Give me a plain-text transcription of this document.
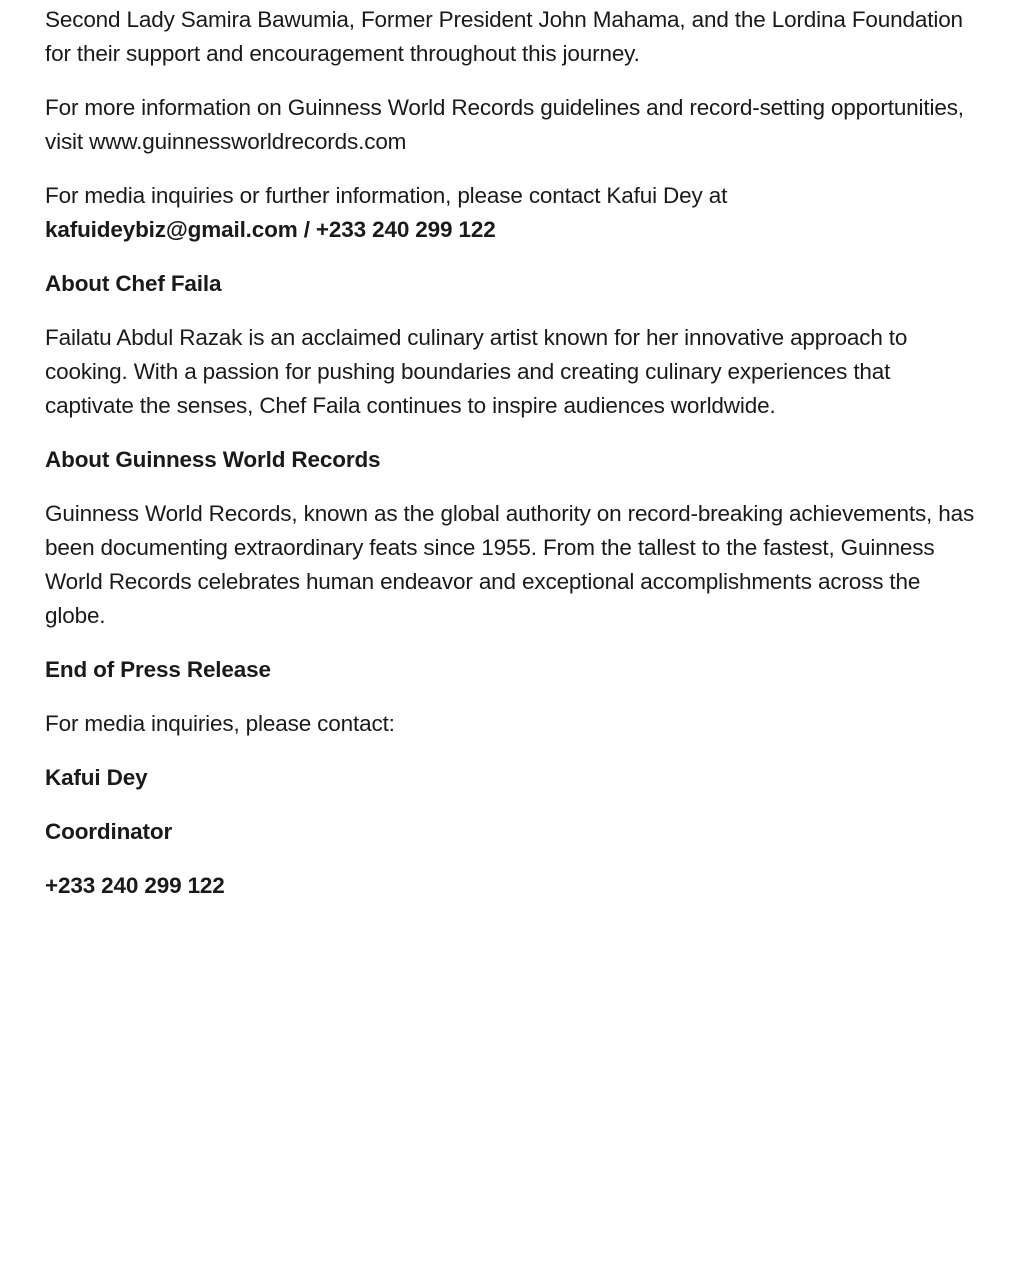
Second Lady Samira Bawumia, Former President John Mahama, and the Lordina Foundation for their support and encouragement throughout this journey.

For more information on Guinness World Records guidelines and record-setting opportunities, visit www.guinnessworldrecords.com

For media inquiries or further information, please contact Kafui Dey at

kafuideybiz@gmail.com / +233 240 299 122

About Chef Faila

Failatu Abdul Razak is an acclaimed culinary artist known for her innovative approach to cooking. With a passion for pushing boundaries and creating culinary experiences that captivate the senses, Chef Faila continues to inspire audiences worldwide.

About Guinness World Records

Guinness World Records, known as the global authority on record-breaking achievements, has been documenting extraordinary feats since 1955. From the tallest to the fastest, Guinness World Records celebrates human endeavor and exceptional accomplishments across the globe.

End of Press Release

For media inquiries, please contact:

Kafui Dey

Coordinator

+233 240 299 122
